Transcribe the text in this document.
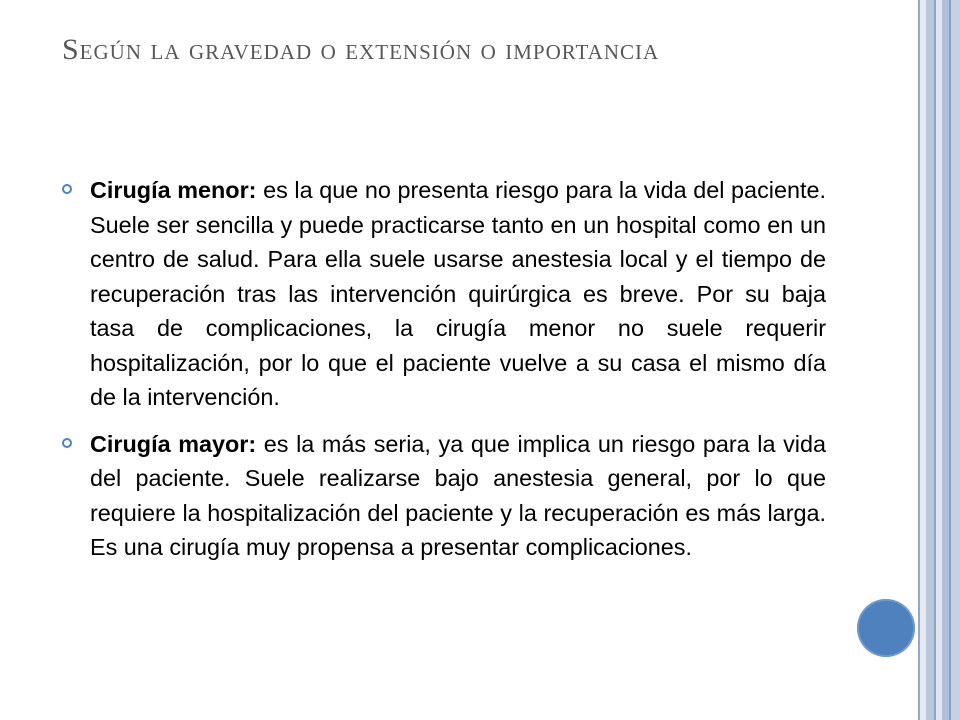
Según la gravedad o extensión o importancia
Cirugía menor: es la que no presenta riesgo para la vida del paciente. Suele ser sencilla y puede practicarse tanto en un hospital como en un centro de salud. Para ella suele usarse anestesia local y el tiempo de recuperación tras las intervención quirúrgica es breve. Por su baja tasa de complicaciones, la cirugía menor no suele requerir hospitalización, por lo que el paciente vuelve a su casa el mismo día de la intervención.
Cirugía mayor: es la más seria, ya que implica un riesgo para la vida del paciente. Suele realizarse bajo anestesia general, por lo que requiere la hospitalización del paciente y la recuperación es más larga. Es una cirugía muy propensa a presentar complicaciones.
